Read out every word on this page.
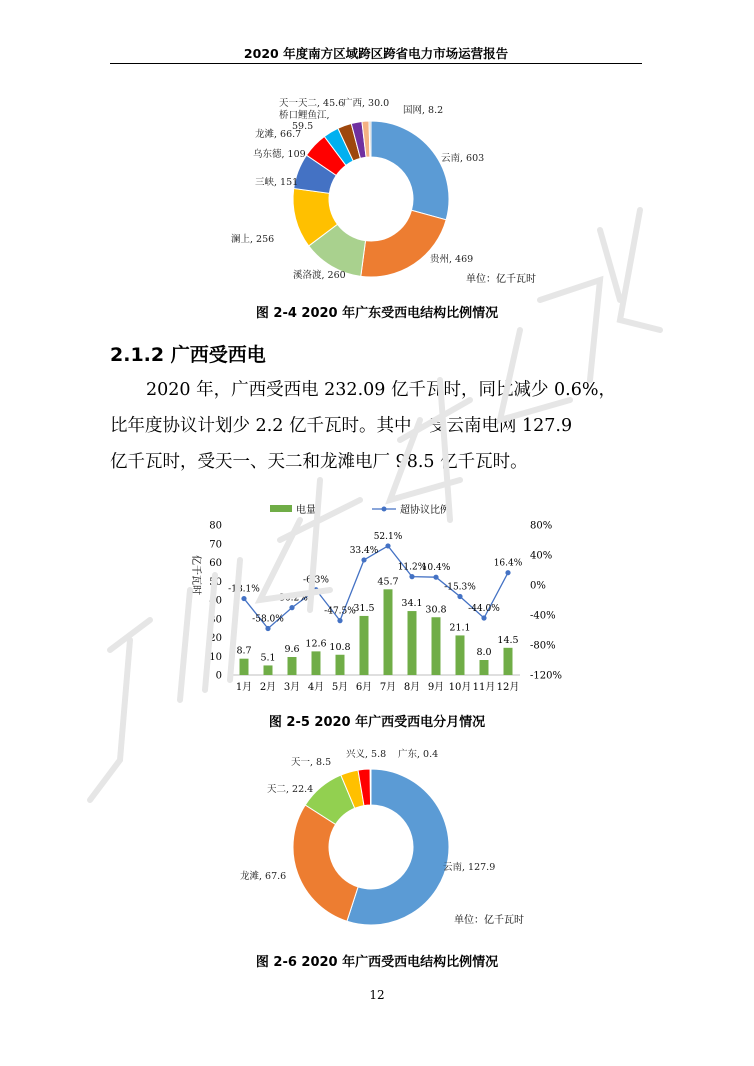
2020 年度南方区域跨区跨省电力市场运营报告
云南, 603
贵州, 469
溪洛渡, 260
澜上, 256
三峡, 151
乌东德, 109
龙滩, 66.7
桥口鲤鱼江,
59.5
天一天二, 45.6
广西, 30.0
国网, 8.2
单位：亿千瓦时
图 2-4 2020 年广东受西电结构比例情况
2.1.2 广西受西电
2020 年，广西受西电 232.09 亿千瓦时，同比减少 0.6%，
比年度协议计划少 2.2 亿千瓦时。其中，受云南电网 127.9
亿千瓦时，受天一、天二和龙滩电厂 98.5 亿千瓦时。
电量	超协议比例
亿千瓦时
0
10
20
30
40
50
60
70
80
-120%
-80%
-40%
0%
40%
80%
8.7
5.1
9.6
12.6 10.8
31.5
45.7
34.1
30.8
21.1
8.0
14.5
1月 2月 3月 4月 5月 6月 7月 8月 9月 10月 11月 12月
-18.1%
-58.0%
-30.2%
-6.3%
-47.5%
33.4%
52.1%
11.2%
10.4%
-15.3%
-44.0%
16.4%
图 2-5 2020 年广西受西电分月情况
云南, 127.9
龙滩, 67.6
天二, 22.4
天一, 8.5
兴义, 5.8 广东, 0.4
单位：亿千瓦时
图 2-6 2020 年广西受西电结构比例情况
12
